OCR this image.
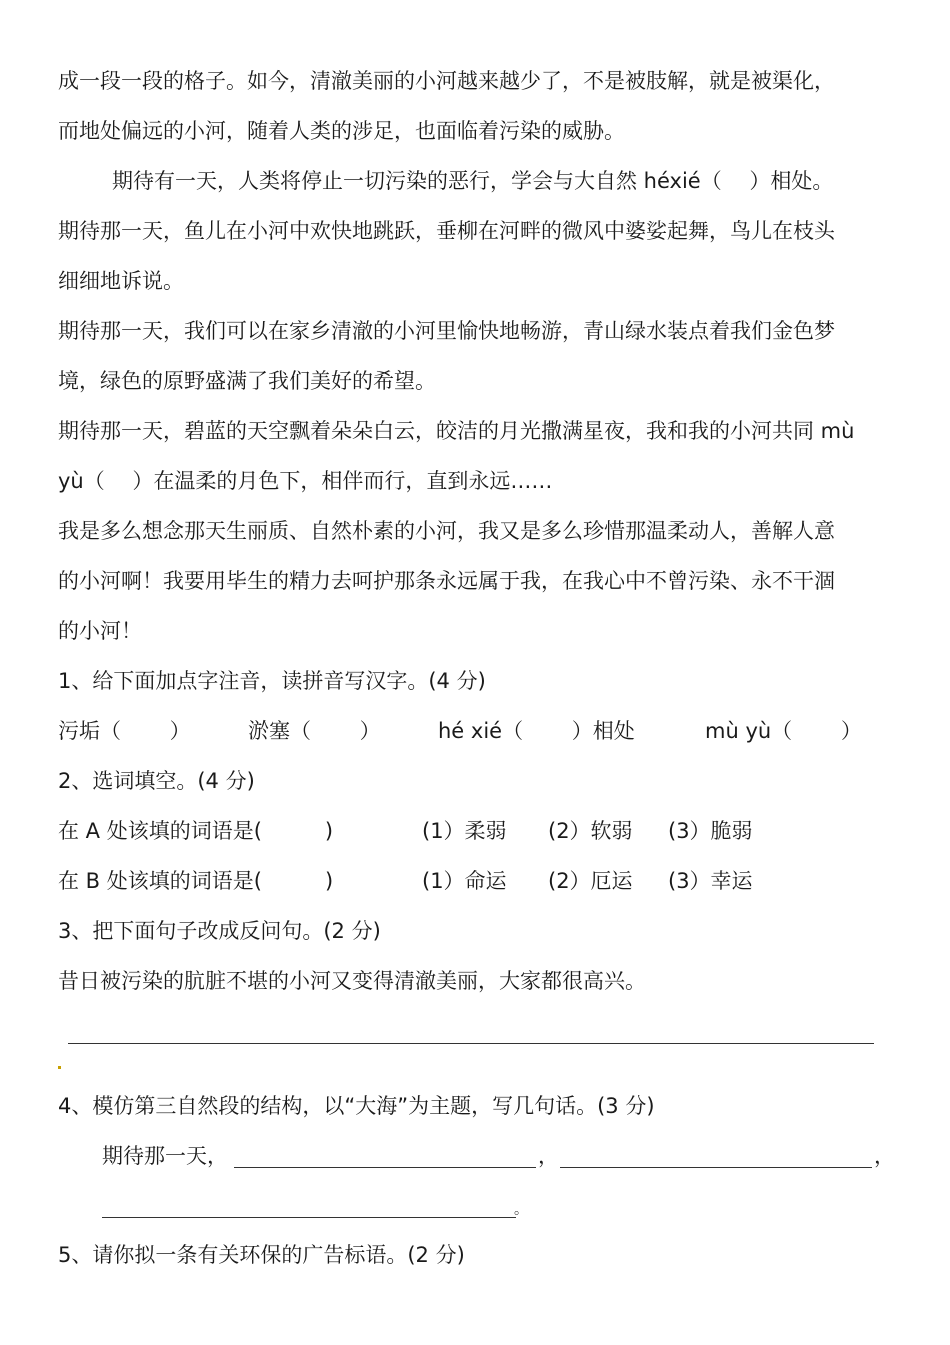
成一段一段的格子。如今，清澈美丽的小河越来越少了，不是被肢解，就是被渠化，
而地处偏远的小河，随着人类的涉足，也面临着污染的威胁。
期待有一天，人类将停止一切污染的恶行，学会与大自然 héxié（　 ）相处。
期待那一天，鱼儿在小河中欢快地跳跃，垂柳在河畔的微风中婆娑起舞，鸟儿在枝头
细细地诉说。
期待那一天，我们可以在家乡清澈的小河里愉快地畅游，青山绿水装点着我们金色梦
境，绿色的原野盛满了我们美好的希望。
期待那一天，碧蓝的天空飘着朵朵白云，皎洁的月光撒满星夜，我和我的小河共同 mù
yù（　 ）在温柔的月色下，相伴而行，直到永远……
我是多么想念那天生丽质、自然朴素的小河，我又是多么珍惜那温柔动人，善解人意
的小河啊！我要用毕生的精力去呵护那条永远属于我，在我心中不曾污染、永不干涸
的小河！
1、给下面加点字注音，读拼音写汉字。(4 分)
污垢（　　 ）	淤塞（　　 ）	hé xié（　　 ）相处	mù yù（　　 ）
2、选词填空。(4 分)
在 A 处该填的词语是(　　　)	(1）柔弱 (2）软弱 (3）脆弱
在 B 处该填的词语是(　　　)	(1）命运 (2）厄运 (3）幸运
3、把下面句子改成反问句。(2 分)
昔日被污染的肮脏不堪的小河又变得清澈美丽，大家都很高兴。
4、模仿第三自然段的结构，以“大海”为主题，写几句话。(3 分)
期待那一天，	，	，
。
5、请你拟一条有关环保的广告标语。(2 分)
